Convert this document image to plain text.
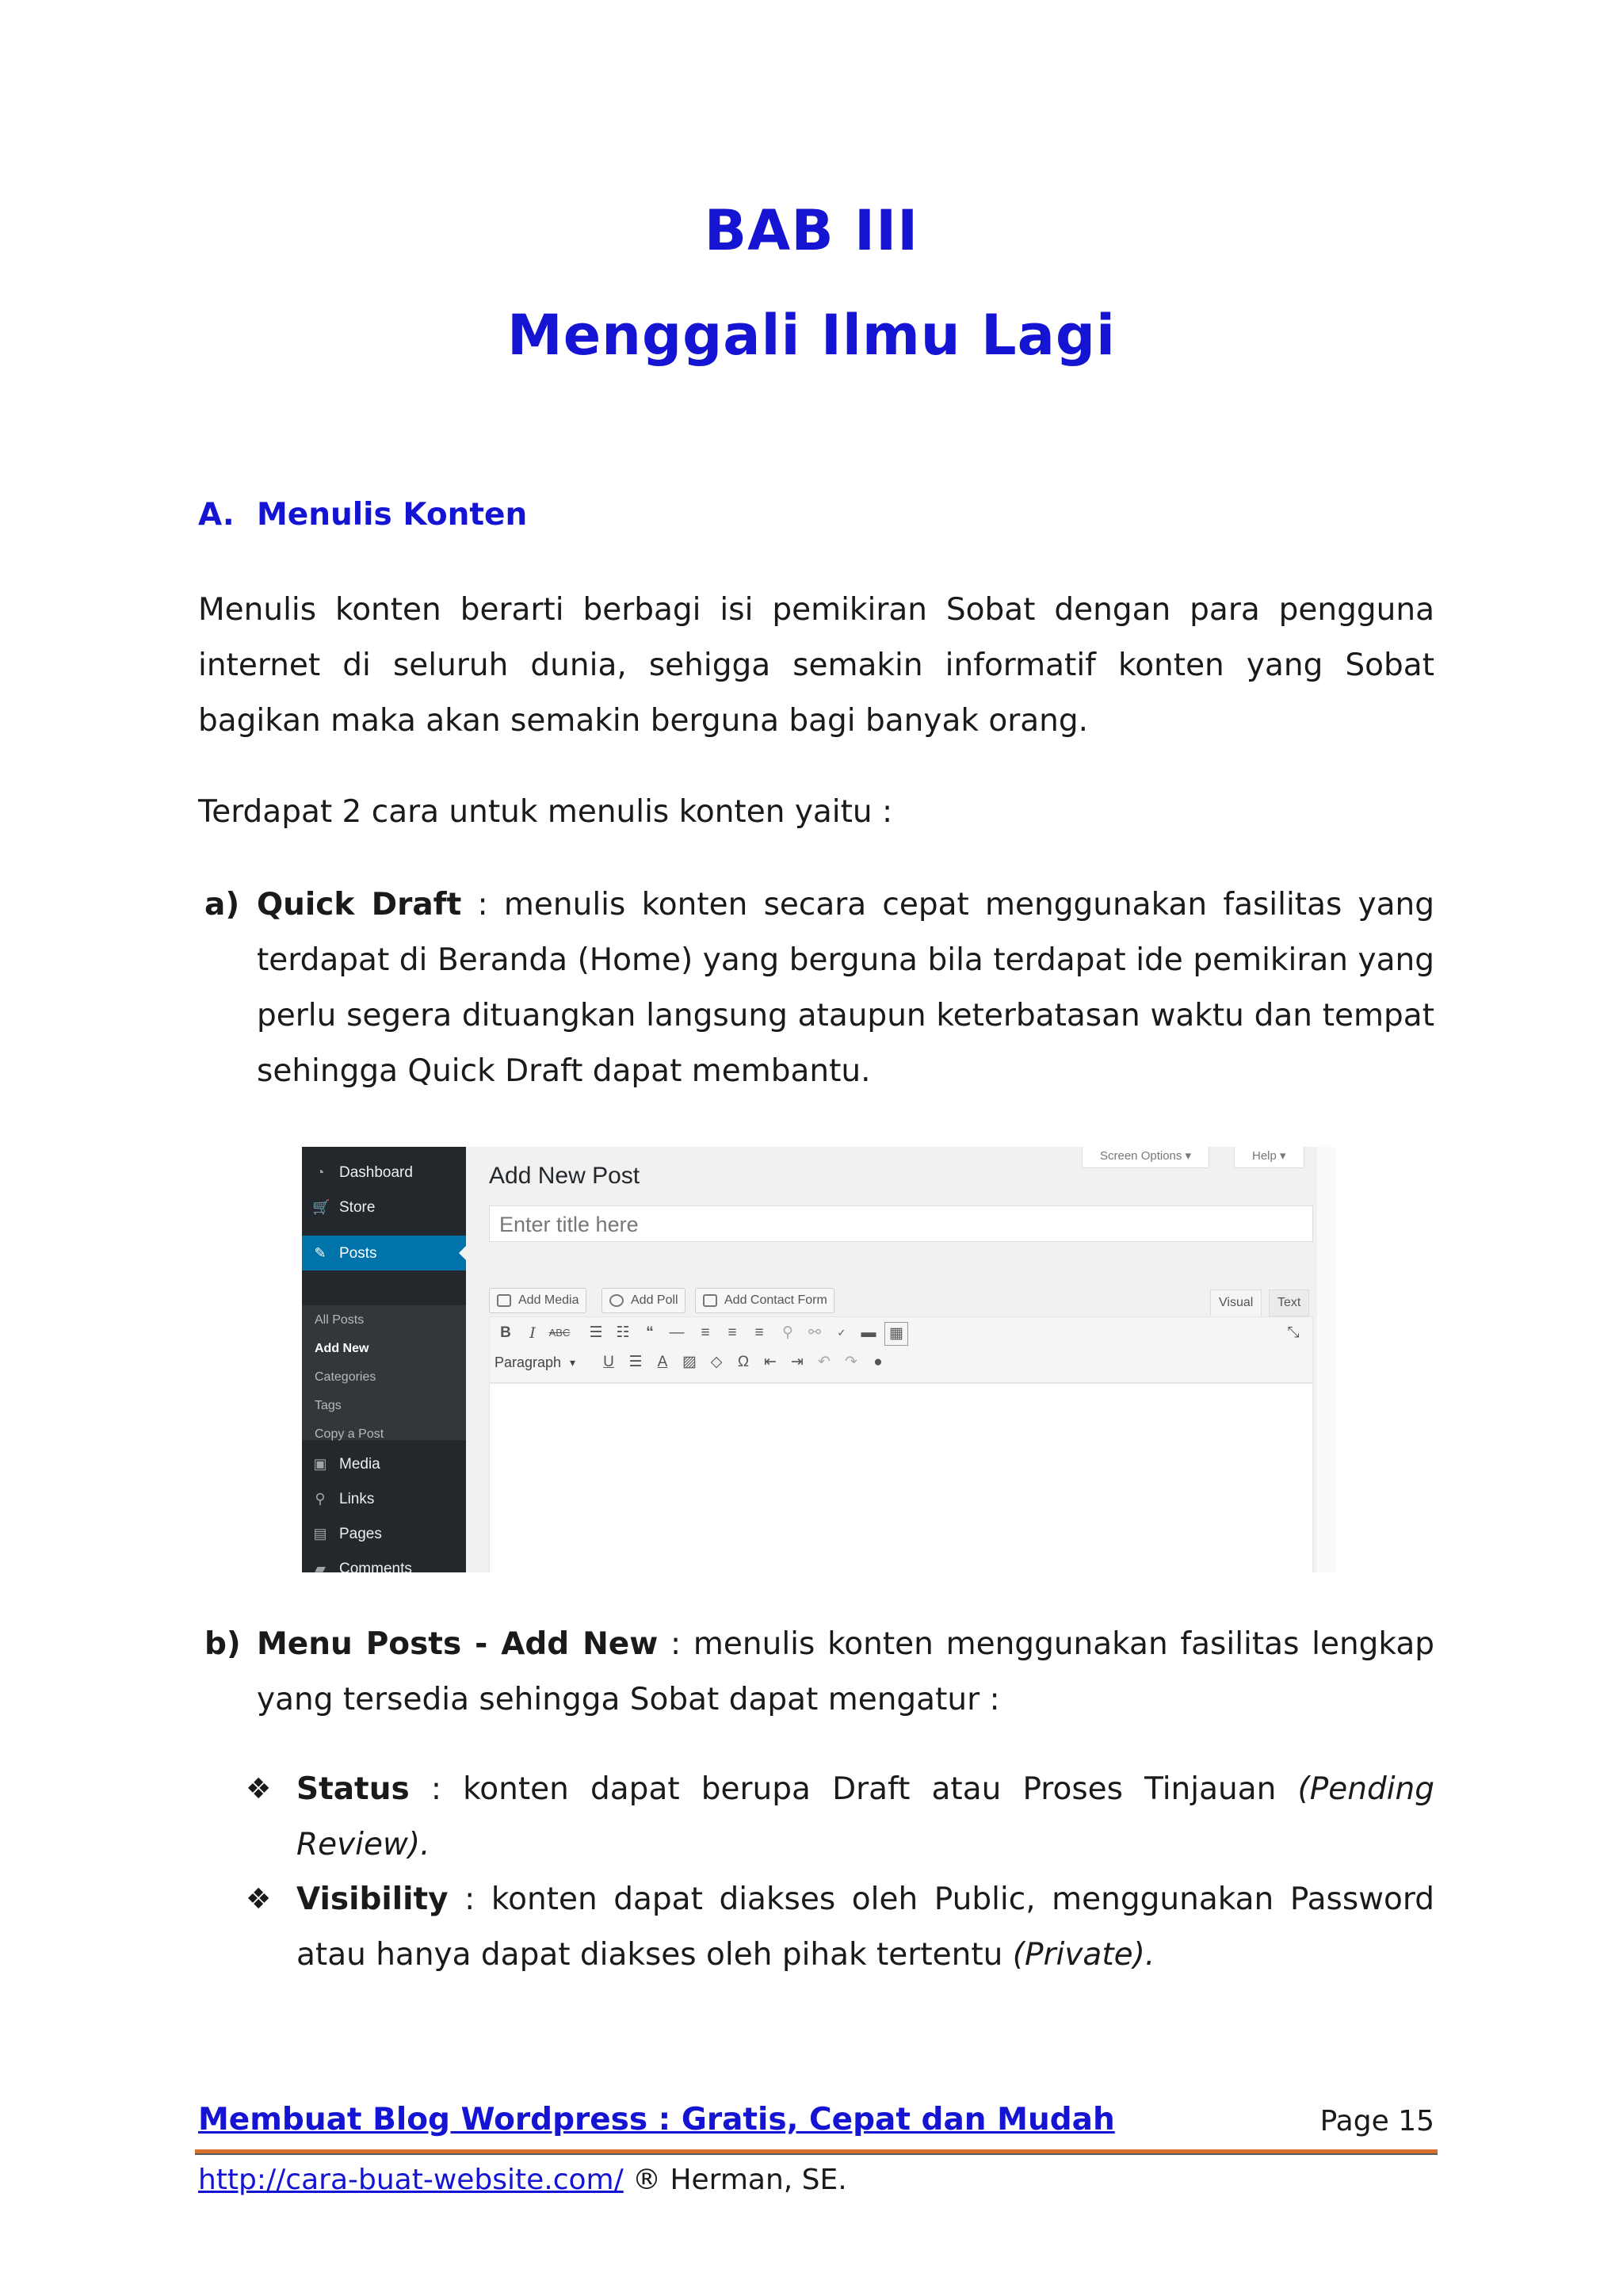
BAB III
Menggali Ilmu Lagi
A. Menulis Konten

Menulis konten berarti berbagi isi pemikiran Sobat dengan para pengguna internet di seluruh dunia, sehigga semakin informatif konten yang Sobat bagikan maka akan semakin berguna bagi banyak orang.

Terdapat 2 cara untuk menulis konten yaitu :

a) Quick Draft : menulis konten secara cepat menggunakan fasilitas yang terdapat di Beranda (Home) yang berguna bila terdapat ide pemikiran yang perlu segera dituangkan langsung ataupun keterbatasan waktu dan tempat sehingga Quick Draft dapat membantu.
◔ Dashboard
🛒 Store
✎ Posts
All Posts
Add New
Categories
Tags
Copy a Post
▣ Media
⚲ Links
▤ Pages
▰ Comments
Screen Options ▾	Help ▾
Add New Post
Enter title here
Add Media	Add Poll	Add Contact Form	Visual	Text
B	I	ABC ☰ ☷	“	—	≡	≡	≡	⚲	⚯	✓	▬ ▦	⤡
Paragraph ▾	U ☰	A ▨ ◇	Ω ⇤ ⇥ ↶ ↷	●
b) Menu Posts - Add New : menulis konten menggunakan fasilitas lengkap yang tersedia sehingga Sobat dapat mengatur :
❖ Status : konten dapat berupa Draft atau Proses Tinjauan (Pending Review).
❖ Visibility : konten dapat diakses oleh Public, menggunakan Password atau hanya dapat diakses oleh pihak tertentu (Private).
Membuat Blog Wordpress : Gratis, Cepat dan Mudah	Page 15
http://cara-buat-website.com/ ® Herman, SE.
